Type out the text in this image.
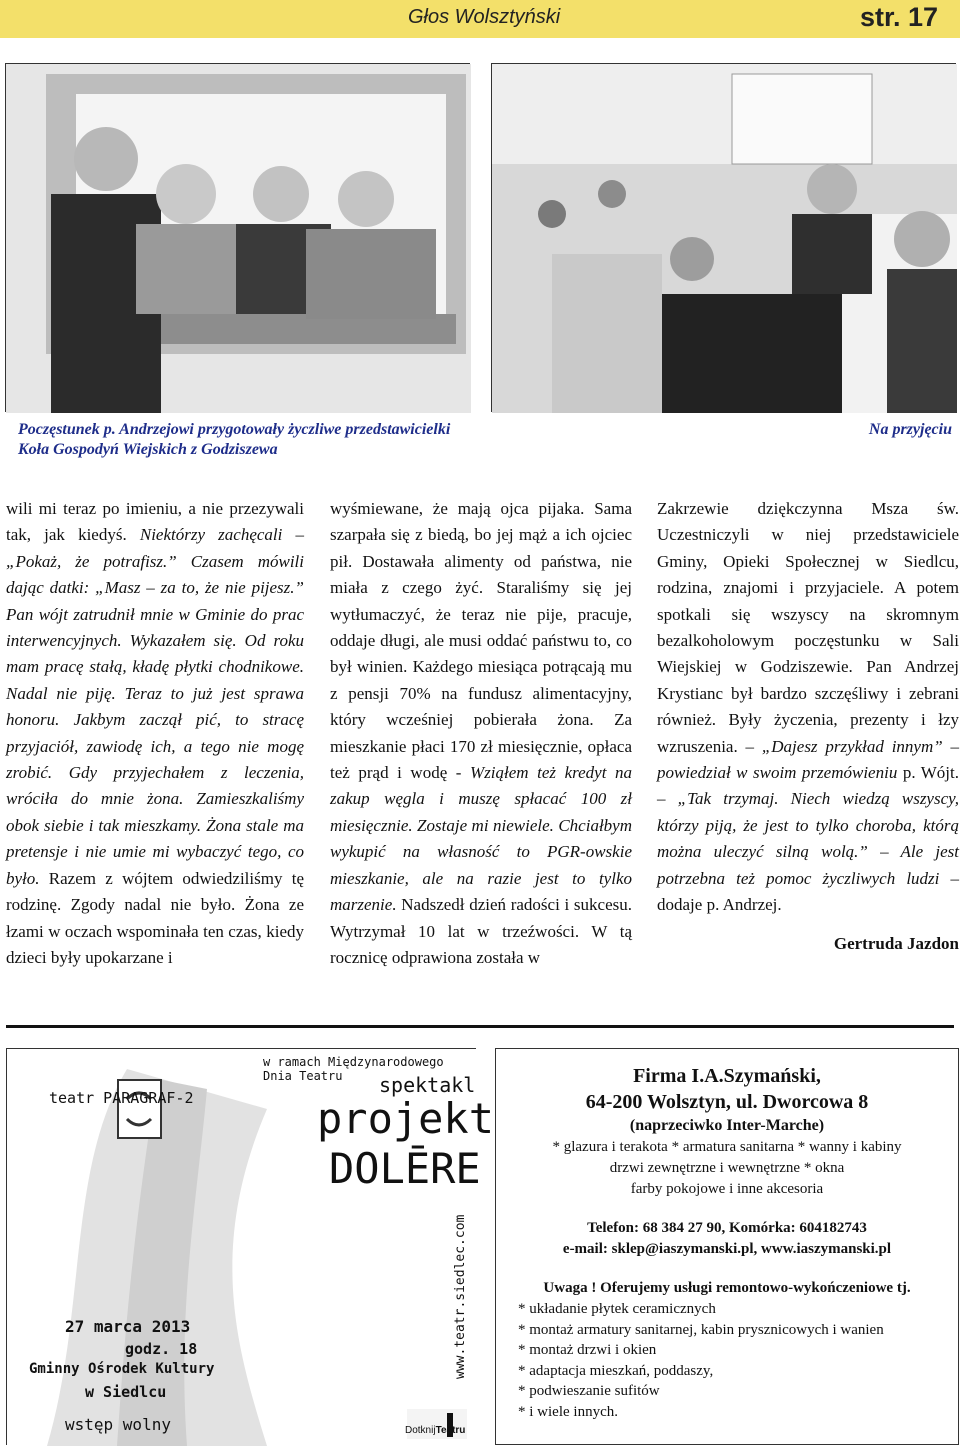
Głos Wolsztyński	str. 17
Poczęstunek p. Andrzejowi przygotowały życzliwe przedstawicielki Koła Gospodyń Wiejskich z Godziszewa
Na przyjęciu

wili mi teraz po imieniu, a nie przezywali tak, jak kiedyś. Niektórzy zachęcali – „Pokaż, że potrafisz.” Czasem mówili dając datki: „Masz – za to, że nie pijesz.” Pan wójt zatrudnił mnie w Gminie do prac interwencyjnych. Wykazałem się. Od roku mam pracę stałą, kładę płytki chodnikowe. Nadal nie piję. Teraz to już jest sprawa honoru. Jakbym zaczął pić, to stracę przyjaciół, zawiodę ich, a tego nie mogę zrobić. Gdy przyjechałem z leczenia, wróciła do mnie żona. Zamieszkaliśmy obok siebie i tak mieszkamy. Żona stale ma pretensje i nie umie mi wybaczyć tego, co było. Razem z wójtem odwiedziliśmy tę rodzinę. Zgody nadal nie było. Żona ze łzami w oczach wspominała ten czas, kiedy dzieci były upokarzane i

wyśmiewane, że mają ojca pijaka. Sama szarpała się z biedą, bo jej mąż a ich ojciec pił. Dostawała alimenty od państwa, nie miała z czego żyć. Staraliśmy się jej wytłumaczyć, że teraz nie pije, pracuje, oddaje długi, ale musi oddać państwu to, co był winien. Każdego miesiąca potrącają mu z pensji 70% na fundusz alimentacyjny, który wcześniej pobierała żona. Za mieszkanie płaci 170 zł miesięcznie, opłaca też prąd i wodę - Wziąłem też kredyt na zakup węgla i muszę spłacać 100 zł miesięcznie. Zostaje mi niewiele. Chciałbym wykupić na własność to PGR-owskie mieszkanie, ale na razie jest to tylko marzenie. Nadszedł dzień radości i sukcesu. Wytrzymał 10 lat w trzeźwości. W tą rocznicę odprawiona została w

Zakrzewie dziękczynna Msza św. Uczestniczyli w niej przedstawiciele Gminy, Opieki Społecznej w Siedlcu, rodzina, znajomi i przyjaciele. A potem spotkali się wszyscy na skromnym bezalkoholowym poczęstunku w Sali Wiejskiej w Godziszewie. Pan Andrzej Krystianc był bardzo szczęśliwy i zebrani również. Były życzenia, prezenty i łzy wzruszenia. – „Dajesz przykład innym” – powiedział w swoim przemówieniu p. Wójt. – „Tak trzymaj. Niech wiedzą wszyscy, którzy piją, że jest to tylko choroba, którą można uleczyć silną wolą.” – Ale jest potrzebna też pomoc życzliwych ludzi – dodaje p. Andrzej.

Gertruda Jazdon
w ramach Międzynarodowego Dnia Teatru
teatr PARAGRAF-2
spektakl
projekt
DOLĒRE
27 marca 2013
godz. 18
Gminny Ośrodek Kultury
w Siedlcu
wstęp wolny
www.teatr.siedlec.com
DotknijTeatru
Firma I.A.Szymański,
64-200 Wolsztyn, ul. Dworcowa 8
(naprzeciwko Inter-Marche)
* glazura i terakota * armatura sanitarna * wanny i kabiny
drzwi zewnętrzne i wewnętrzne * okna
farby pokojowe i inne akcesoria
Telefon: 68 384 27 90, Komórka: 604182743
e-mail: sklep@iaszymanski.pl, www.iaszymanski.pl
Uwaga ! Oferujemy usługi remontowo-wykończeniowe tj.
* układanie płytek ceramicznych
* montaż armatury sanitarnej, kabin prysznicowych i wanien
* montaż drzwi i okien
* adaptacja mieszkań, poddaszy,
* podwieszanie sufitów
* i wiele innych.
